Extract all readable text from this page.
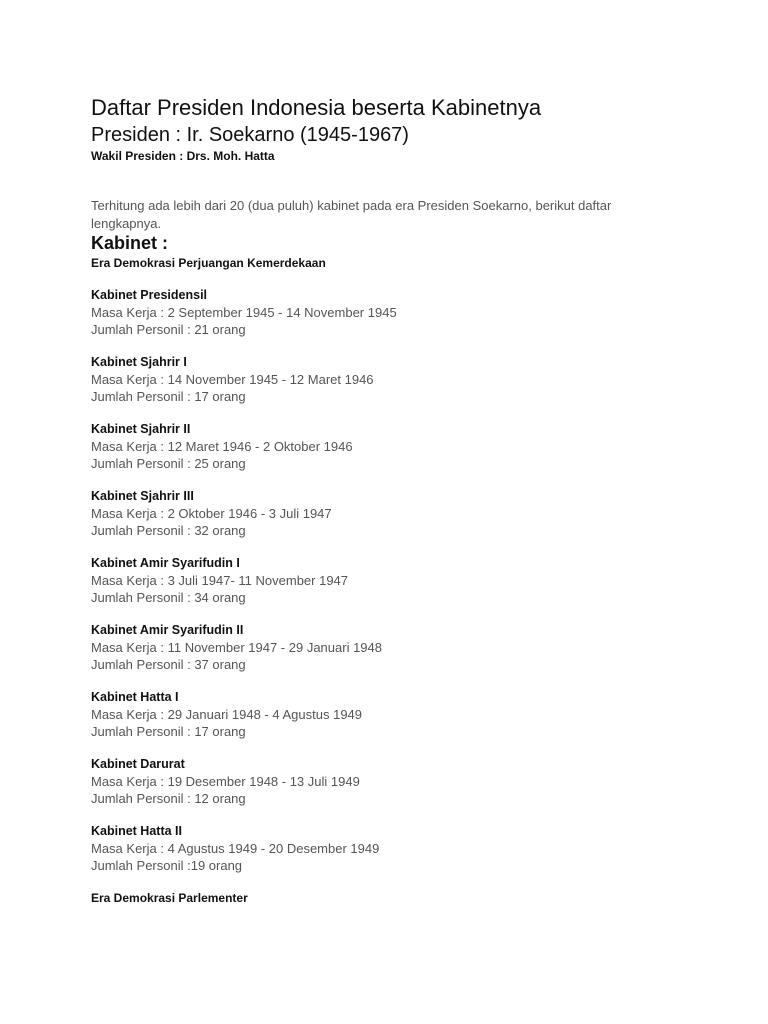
Daftar Presiden Indonesia beserta Kabinetnya
Presiden : Ir. Soekarno (1945-1967)

Wakil Presiden : Drs. Moh. Hatta

Terhitung ada lebih dari 20 (dua puluh) kabinet pada era Presiden Soekarno, berikut daftar lengkapnya.

Kabinet :

Era Demokrasi Perjuangan Kemerdekaan

Kabinet Presidensil
Masa Kerja : 2 September 1945 - 14 November 1945
Jumlah Personil : 21 orang
Kabinet Sjahrir I
Masa Kerja : 14 November 1945 - 12 Maret 1946
Jumlah Personil : 17 orang
Kabinet Sjahrir II
Masa Kerja : 12 Maret 1946 - 2 Oktober 1946
Jumlah Personil : 25 orang
Kabinet Sjahrir III
Masa Kerja : 2 Oktober 1946 - 3 Juli 1947
Jumlah Personil : 32 orang
Kabinet Amir Syarifudin I
Masa Kerja : 3 Juli 1947- 11 November 1947
Jumlah Personil : 34 orang
Kabinet Amir Syarifudin II
Masa Kerja : 11 November 1947 - 29 Januari 1948
Jumlah Personil : 37 orang
Kabinet Hatta I
Masa Kerja : 29 Januari 1948 - 4 Agustus 1949
Jumlah Personil : 17 orang
Kabinet Darurat
Masa Kerja : 19 Desember 1948 - 13 Juli 1949
Jumlah Personil : 12 orang
Kabinet Hatta II
Masa Kerja : 4 Agustus 1949 - 20 Desember 1949
Jumlah Personil :19 orang

Era Demokrasi Parlementer
